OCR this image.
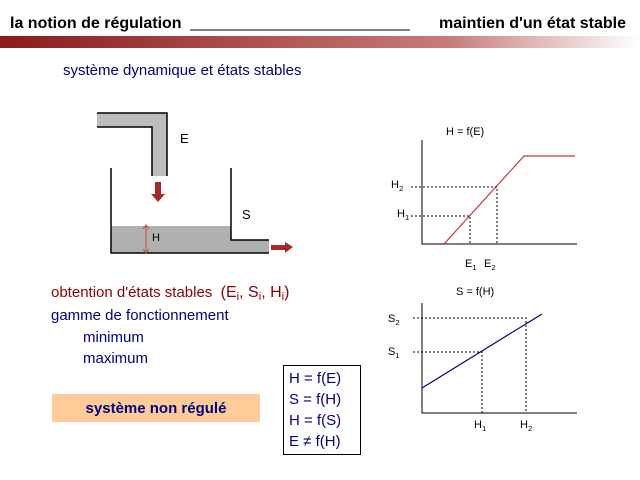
la notion de régulation	maintien d'un état stable
système dynamique et états stables
E
S
H
H = f(E)
$H_2$
$H_1$
$E_1$ $E_2$
S = f(H)
$S_2$
$S_1$
$H_1$	$H_2$
obtention d'états stables ($E_i$, $S_i$, $H_i$)
gamme de fonctionnement
minimum
maximum
système non régulé
H = f(E)
S = f(H)
H = f(S)
E ≠ f(H)
